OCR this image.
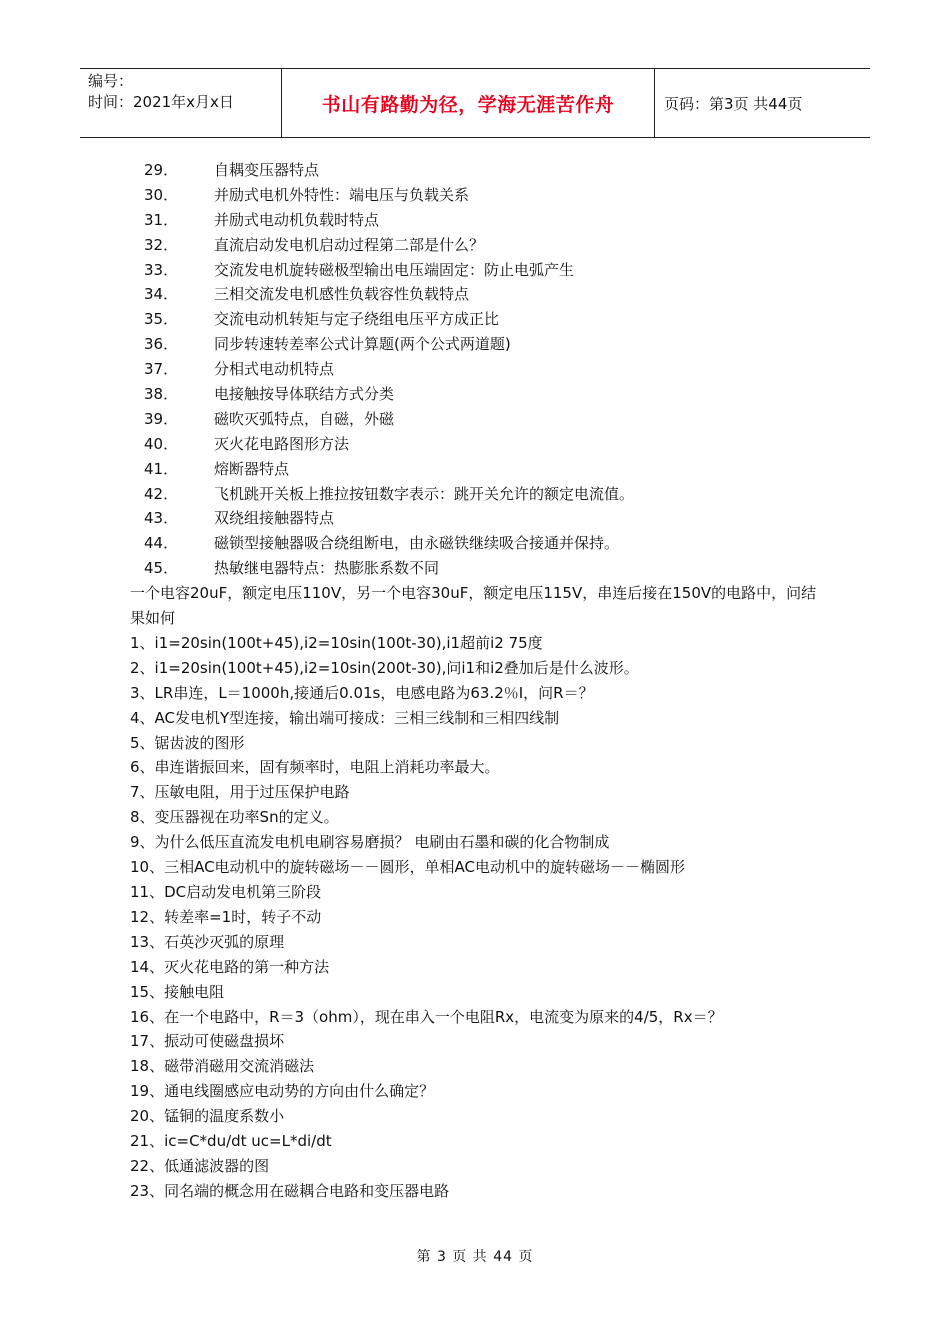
编号：
时间：2021年x月x日	书山有路勤为径，学海无涯苦作舟	页码：第3页 共44页
29．	自耦变压器特点
30．	并励式电机外特性：端电压与负载关系
31．	并励式电动机负载时特点
32．	直流启动发电机启动过程第二部是什么？
33．	交流发电机旋转磁极型输出电压端固定：防止电弧产生
34．	三相交流发电机感性负载容性负载特点
35．	交流电动机转矩与定子绕组电压平方成正比
36．	同步转速转差率公式计算题(两个公式两道题)
37．	分相式电动机特点
38．	电接触按导体联结方式分类
39．	磁吹灭弧特点，自磁，外磁
40．	灭火花电路图形方法
41．	熔断器特点
42．	飞机跳开关板上推拉按钮数字表示：跳开关允许的额定电流值。
43．	双绕组接触器特点
44．	磁锁型接触器吸合绕组断电，由永磁铁继续吸合接通并保持。
45．	热敏继电器特点：热膨胀系数不同
一个电容20uF，额定电压110V，另一个电容30uF，额定电压115V，串连后接在150V的电路中，问结果如何
1、i1=20sin(100t+45),i2=10sin(100t-30),i1超前i2 75度
2、i1=20sin(100t+45),i2=10sin(200t-30),问i1和i2叠加后是什么波形。
3、LR串连，L＝1000h,接通后0.01s，电感电路为63.2％I，问R＝？
4、AC发电机Y型连接，输出端可接成：三相三线制和三相四线制
5、锯齿波的图形
6、串连谐振回来，固有频率时，电阻上消耗功率最大。
7、压敏电阻，用于过压保护电路
8、变压器视在功率Sn的定义。
9、为什么低压直流发电机电刷容易磨损？ 电刷由石墨和碳的化合物制成
10、三相AC电动机中的旋转磁场－－圆形，单相AC电动机中的旋转磁场－－椭圆形
11、DC启动发电机第三阶段
12、转差率=1时，转子不动
13、石英沙灭弧的原理
14、灭火花电路的第一种方法
15、接触电阻
16、在一个电路中，R＝3（ohm），现在串入一个电阻Rx，电流变为原来的4/5，Rx＝？
17、振动可使磁盘损坏
18、磁带消磁用交流消磁法
19、通电线圈感应电动势的方向由什么确定？
20、锰铜的温度系数小
21、ic=C*du/dt uc=L*di/dt
22、低通滤波器的图
23、同名端的概念用在磁耦合电路和变压器电路
第 3 页 共 44 页
